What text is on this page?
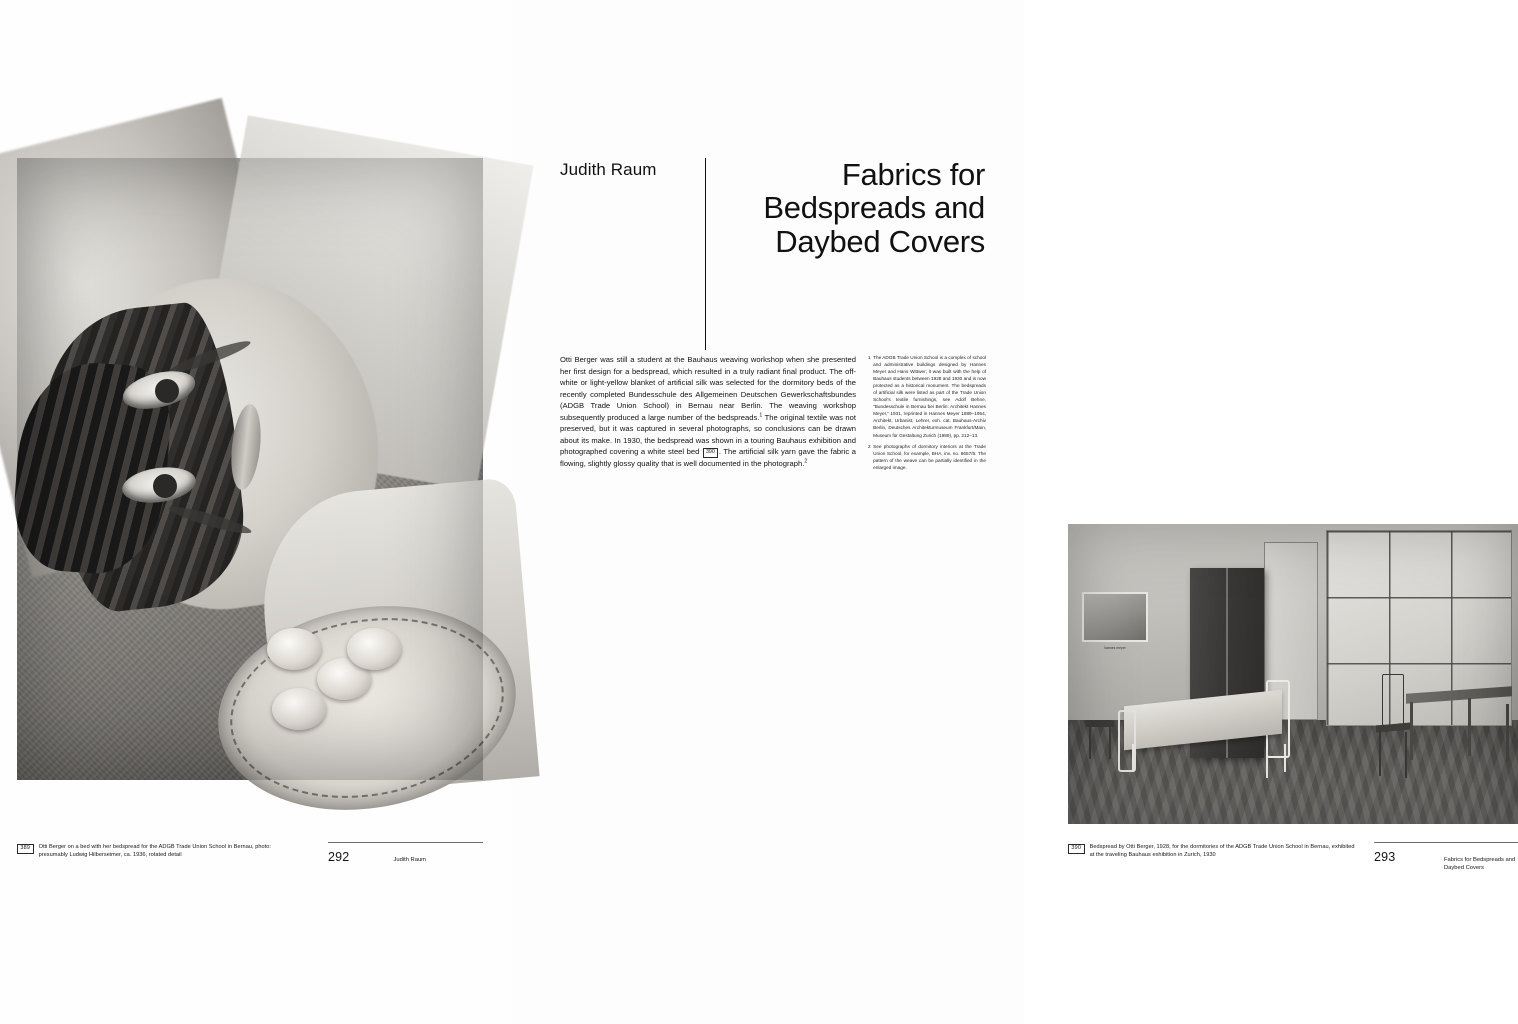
389	Otti Berger on a bed with her bedspread for the ADGB Trade Union School in Bernau, photo: presumably Ludwig Hilberseimer, ca. 1936, rotated detail	292	Judith Raum
Judith Raum	Fabrics for Bedspreads and Daybed Covers
Otti Berger was still a student at the Bauhaus weaving workshop when she presented her first design for a bedspread, which resulted in a truly radiant final product. The off-white or light-yellow blanket of artificial silk was selected for the dormitory beds of the recently completed Bundesschule des Allgemeinen Deutschen Gewerkschaftsbundes (ADGB Trade Union School) in Bernau near Berlin. The weaving workshop subsequently produced a large number of the bedspreads.$^1$ The original textile was not preserved, but it was captured in several photographs, so conclusions can be drawn about its make. In 1930, the bedspread was shown in a touring Bauhaus exhibition and photographed covering a white steel bed 390 . The artificial silk yarn gave the fabric a flowing, slightly glossy quality that is well documented in the photograph.$^2$
1 The ADGB Trade Union School is a complex of school and administrative buildings designed by Hannes Meyer and Hans Wittwer; it was built with the help of Bauhaus students between 1928 and 1930 and is now protected as a historical monument. The bedspreads of artificial silk were listed as part of the Trade Union School's textile furnishings, see Adolf Behne, "Bundesschule in Bernau bei Berlin: Architekt Hannes Meyer," 1931, reprinted in Hannes Meyer 1889–1954, Architekt, Urbanist, Lehrer, exh. cat. Bauhaus-Archiv Berlin, Deutsches Architekturmuseum Frankfurt/Main, Museum für Gestaltung Zurich (1989), pp. 212–13.
2 See photographs of dormitory interiors at the Trade Union School, for example, BHA, inv. no. 8657/5. The pattern of the weave can be partially identified in the enlarged image.
hannes meyer
390	Bedspread by Otti Berger, 1928, for the dormitories of the ADGB Trade Union School in Bernau, exhibited at the traveling Bauhaus exhibition in Zurich, 1930	293	Fabrics for Bedspreads and Daybed Covers
